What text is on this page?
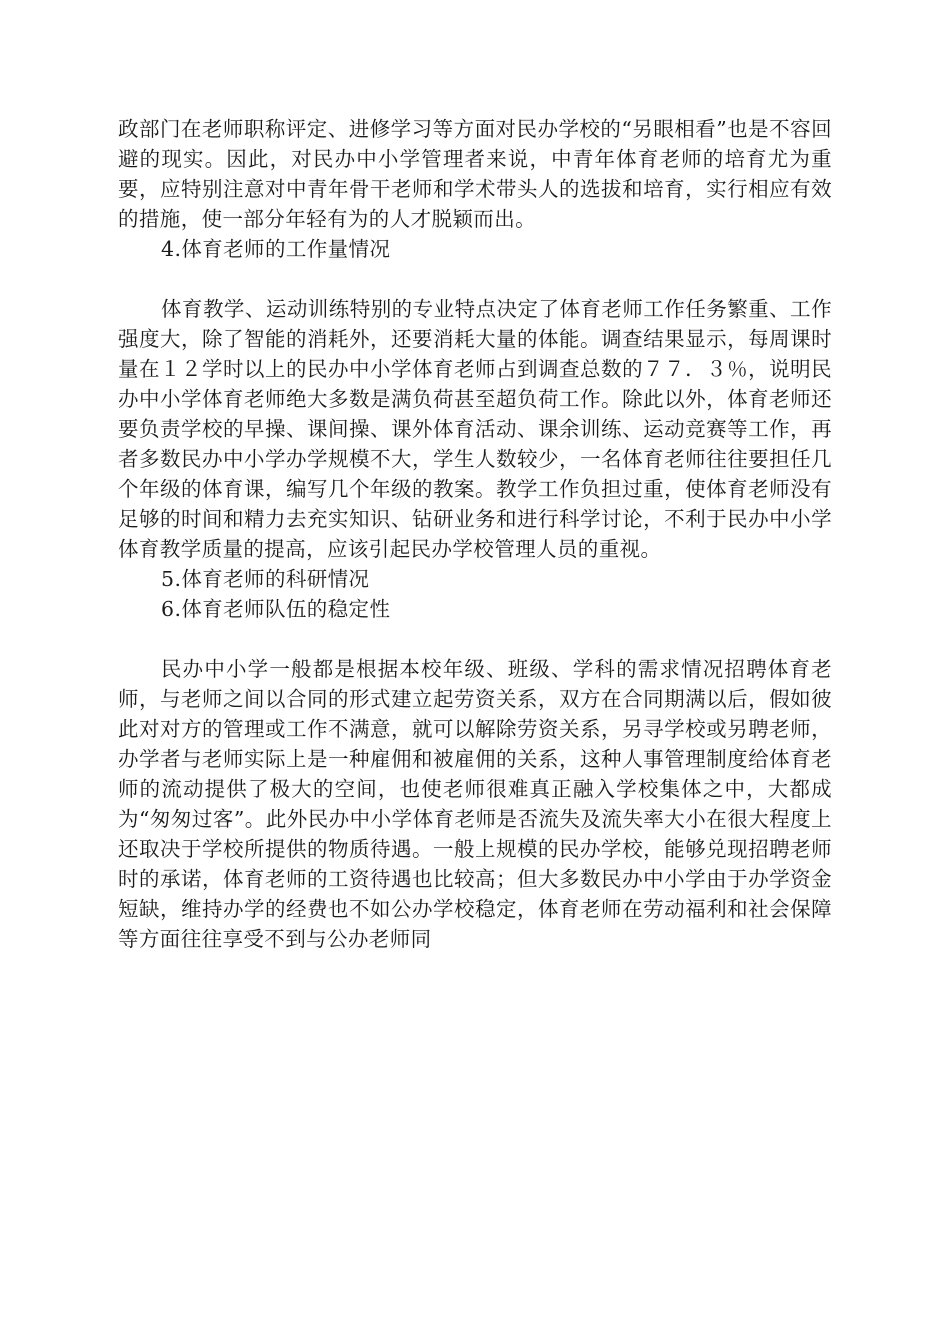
政部门在老师职称评定、进修学习等方面对民办学校的“另眼相看”也是不容回避的现实。因此，对民办中小学管理者来说，中青年体育老师的培育尤为重要，应特别注意对中青年骨干老师和学术带头人的选拔和培育，实行相应有效的措施，使一部分年轻有为的人才脱颖而出。

4.体育老师的工作量情况

体育教学、运动训练特别的专业特点决定了体育老师工作任务繁重、工作强度大，除了智能的消耗外，还要消耗大量的体能。调查结果显示，每周课时量在１２学时以上的民办中小学体育老师占到调查总数的７７．３％，说明民办中小学体育老师绝大多数是满负荷甚至超负荷工作。除此以外，体育老师还要负责学校的早操、课间操、课外体育活动、课余训练、运动竞赛等工作，再者多数民办中小学办学规模不大，学生人数较少，一名体育老师往往要担任几个年级的体育课，编写几个年级的教案。教学工作负担过重，使体育老师没有足够的时间和精力去充实知识、钻研业务和进行科学讨论，不利于民办中小学体育教学质量的提高，应该引起民办学校管理人员的重视。

5.体育老师的科研情况

6.体育老师队伍的稳定性

民办中小学一般都是根据本校年级、班级、学科的需求情况招聘体育老师，与老师之间以合同的形式建立起劳资关系，双方在合同期满以后，假如彼此对对方的管理或工作不满意，就可以解除劳资关系，另寻学校或另聘老师，办学者与老师实际上是一种雇佣和被雇佣的关系，这种人事管理制度给体育老师的流动提供了极大的空间，也使老师很难真正融入学校集体之中，大都成为“匆匆过客”。此外民办中小学体育老师是否流失及流失率大小在很大程度上还取决于学校所提供的物质待遇。一般上规模的民办学校，能够兑现招聘老师时的承诺，体育老师的工资待遇也比较高；但大多数民办中小学由于办学资金短缺，维持办学的经费也不如公办学校稳定，体育老师在劳动福利和社会保障等方面往往享受不到与公办老师同
